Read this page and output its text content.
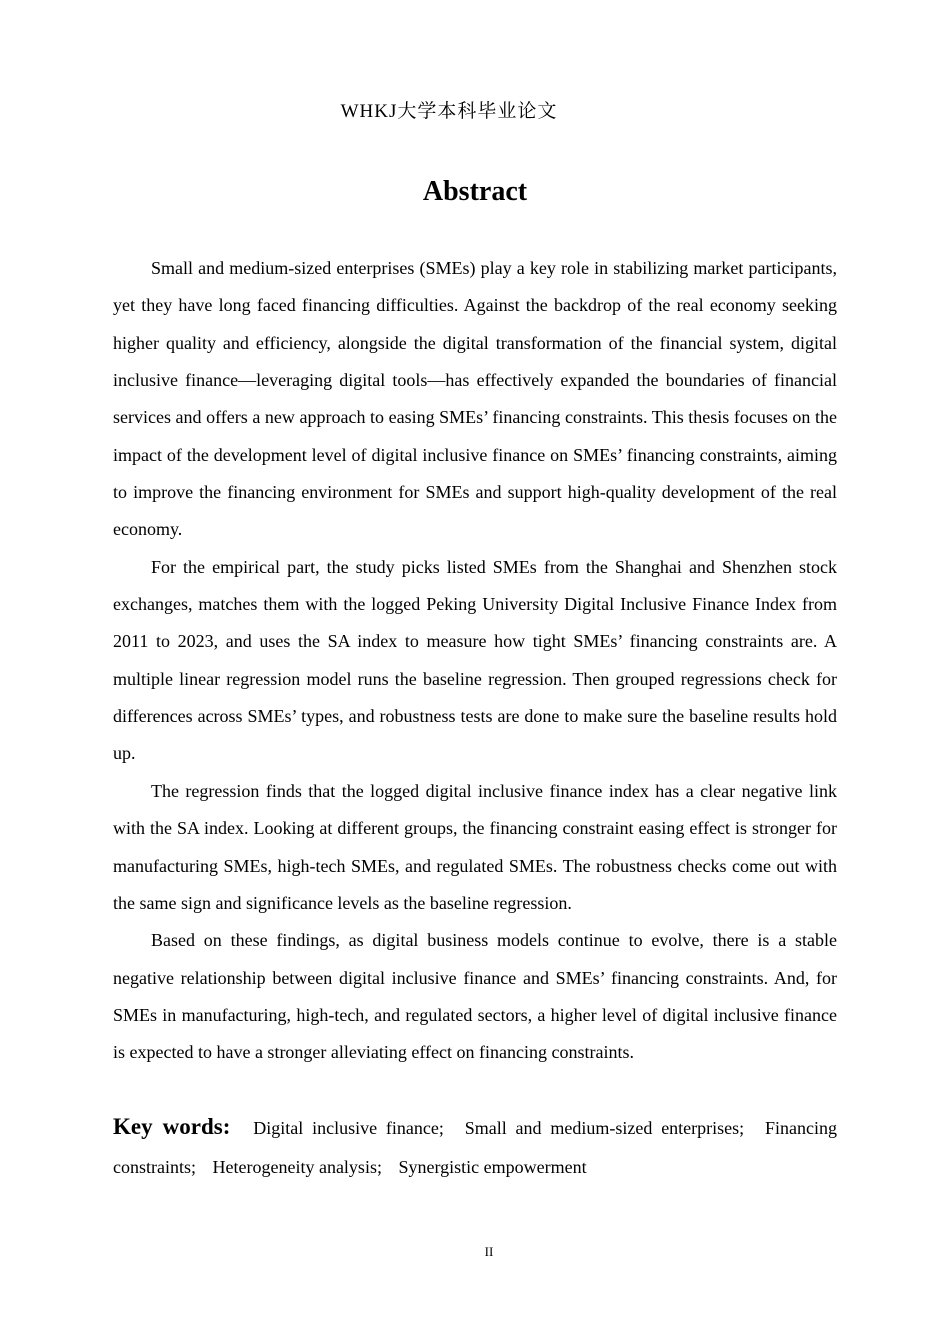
WHKJ大学本科毕业论文
Abstract

Small and medium-sized enterprises (SMEs) play a key role in stabilizing market participants, yet they have long faced financing difficulties. Against the backdrop of the real economy seeking higher quality and efficiency, alongside the digital transformation of the financial system, digital inclusive finance—leveraging digital tools—has effectively expanded the boundaries of financial services and offers a new approach to easing SMEs’ financing constraints. This thesis focuses on the impact of the development level of digital inclusive finance on SMEs’ financing constraints, aiming to improve the financing environment for SMEs and support high-quality development of the real economy.

For the empirical part, the study picks listed SMEs from the Shanghai and Shenzhen stock exchanges, matches them with the logged Peking University Digital Inclusive Finance Index from 2011 to 2023, and uses the SA index to measure how tight SMEs’ financing constraints are. A multiple linear regression model runs the baseline regression. Then grouped regressions check for differences across SMEs’ types, and robustness tests are done to make sure the baseline results hold up.

The regression finds that the logged digital inclusive finance index has a clear negative link with the SA index. Looking at different groups, the financing constraint easing effect is stronger for manufacturing SMEs, high-tech SMEs, and regulated SMEs. The robustness checks come out with the same sign and significance levels as the baseline regression.

Based on these findings, as digital business models continue to evolve, there is a stable negative relationship between digital inclusive finance and SMEs’ financing constraints. And, for SMEs in manufacturing, high-tech, and regulated sectors, a higher level of digital inclusive finance is expected to have a stronger alleviating effect on financing constraints.

Key words: Digital inclusive finance; Small and medium-sized enterprises; Financing constraints; Heterogeneity analysis; Synergistic empowerment
II
